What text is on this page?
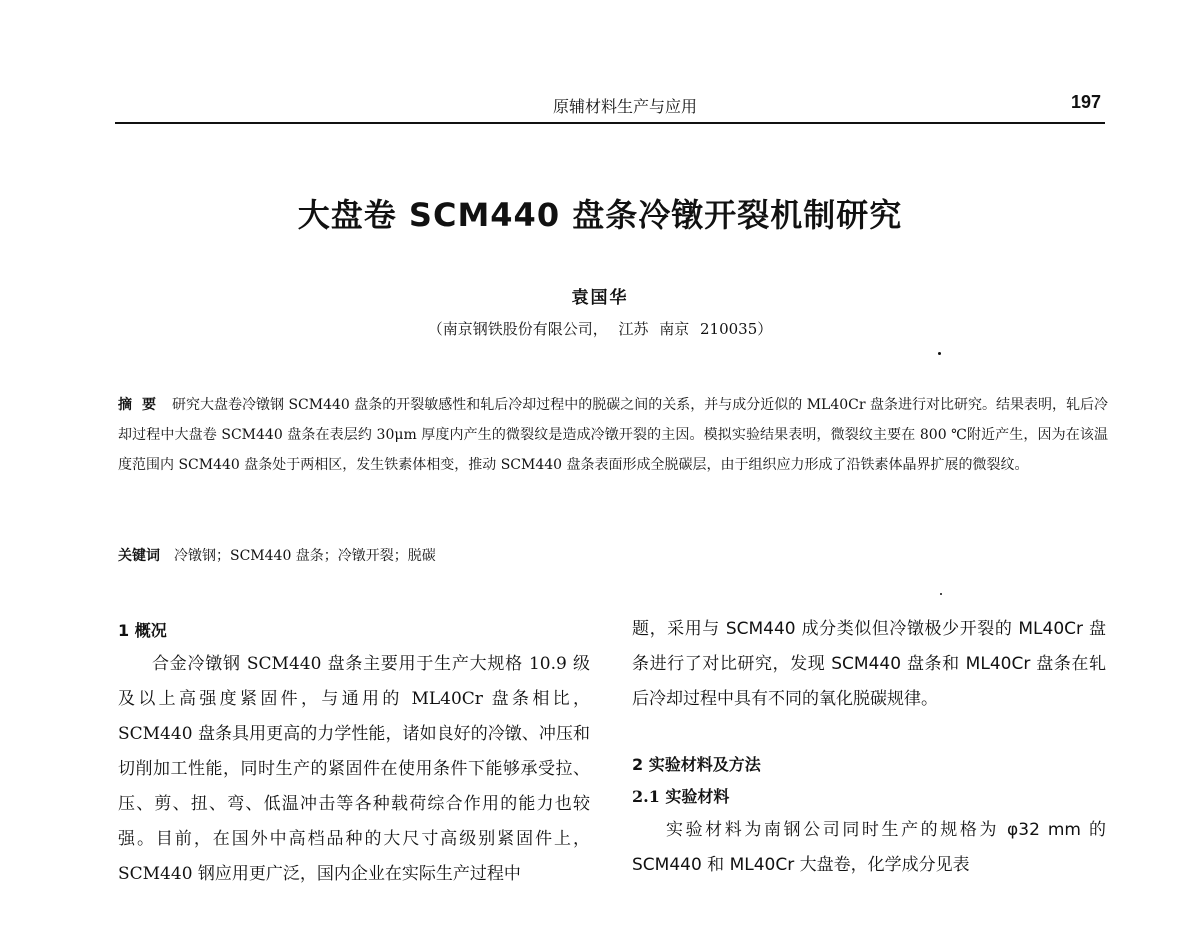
原辅材料生产与应用	197
大盘卷 SCM440 盘条冷镦开裂机制研究
袁国华
（南京钢铁股份有限公司， 江苏 南京 210035）
摘要 研究大盘卷冷镦钢 SCM440 盘条的开裂敏感性和轧后冷却过程中的脱碳之间的关系，并与成分近似的 ML40Cr 盘条进行对比研究。结果表明，轧后冷却过程中大盘卷 SCM440 盘条在表层约 30μm 厚度内产生的微裂纹是造成冷镦开裂的主因。模拟实验结果表明，微裂纹主要在 800 ℃附近产生，因为在该温度范围内 SCM440 盘条处于两相区，发生铁素体相变，推动 SCM440 盘条表面形成全脱碳层，由于组织应力形成了沿铁素体晶界扩展的微裂纹。
关键词 冷镦钢；SCM440 盘条；冷镦开裂；脱碳
1 概况

合金冷镦钢 SCM440 盘条主要用于生产大规格 10.9 级及以上高强度紧固件，与通用的 ML40Cr 盘条相比，SCM440 盘条具用更高的力学性能，诸如良好的冷镦、冲压和切削加工性能，同时生产的紧固件在使用条件下能够承受拉、压、剪、扭、弯、低温冲击等各种载荷综合作用的能力也较强。目前，在国外中高档品种的大尺寸高级别紧固件上，SCM440 钢应用更广泛，国内企业在实际生产过程中

题，采用与 SCM440 成分类似但冷镦极少开裂的 ML40Cr 盘条进行了对比研究，发现 SCM440 盘条和 ML40Cr 盘条在轧后冷却过程中具有不同的氧化脱碳规律。

2 实验材料及方法
2.1 实验材料

实验材料为南钢公司同时生产的规格为 φ32 mm 的 SCM440 和 ML40Cr 大盘卷，化学成分见表
